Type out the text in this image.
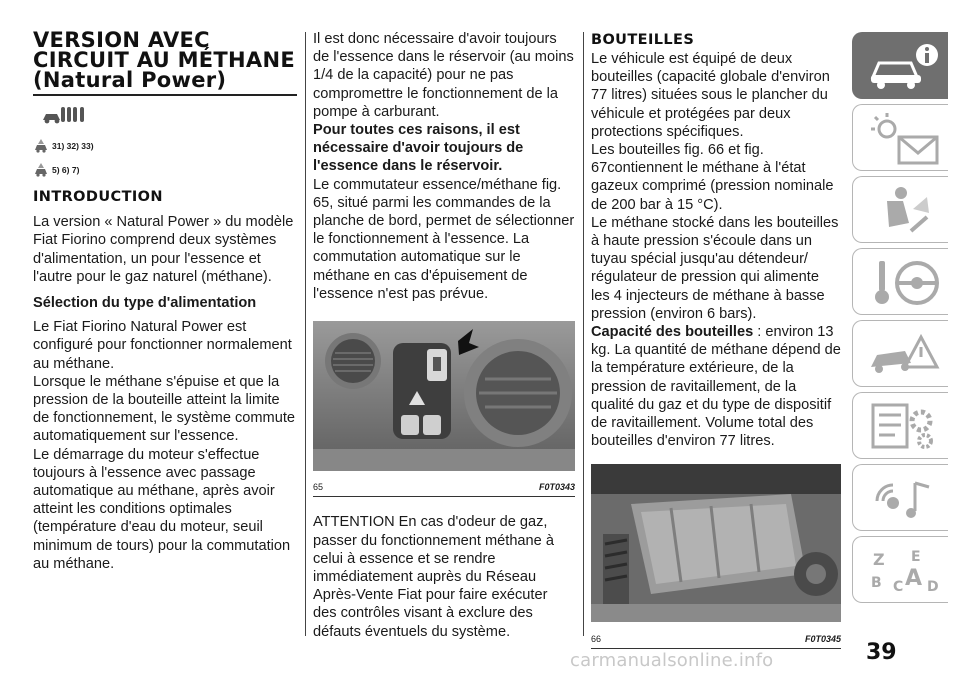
VERSION AVEC CIRCUIT AU MÉTHANE (Natural Power)
31) 32) 33)
5) 6) 7)
INTRODUCTION

La version « Natural Power » du modèle Fiat Fiorino comprend deux systèmes d'alimentation, un pour l'essence et l'autre pour le gaz naturel (méthane).

Sélection du type d'alimentation

Le Fiat Fiorino Natural Power est configuré pour fonctionner normalement au méthane.

Lorsque le méthane s'épuise et que la pression de la bouteille atteint la limite de fonctionnement, le système commute automatiquement sur l'essence.

Le démarrage du moteur s'effectue toujours à l'essence avec passage automatique au méthane, après avoir atteint les conditions optimales (température d'eau du moteur, seuil minimum de tours) pour la commutation au méthane.

Il est donc nécessaire d'avoir toujours de l'essence dans le réservoir (au moins 1/4 de la capacité) pour ne pas compromettre le fonctionnement de la pompe à carburant.

Pour toutes ces raisons, il est nécessaire d'avoir toujours de l'essence dans le réservoir.

Le commutateur essence/méthane fig. 65, situé parmi les commandes de la planche de bord, permet de sélectionner le fonctionnement à l'essence. La commutation automatique sur le méthane en cas d'épuisement de l'essence n'est pas prévue.

65	F0T0343

ATTENTION En cas d'odeur de gaz, passer du fonctionnement méthane à celui à essence et se rendre immédiatement auprès du Réseau Après-Vente Fiat pour faire exécuter des contrôles visant à exclure des défauts éventuels du système.

BOUTEILLES

Le véhicule est équipé de deux bouteilles (capacité globale d'environ 77 litres) situées sous le plancher du véhicule et protégées par deux protections spécifiques.

Les bouteilles fig. 66 et fig. 67contiennent le méthane à l'état gazeux comprimé (pression nominale de 200 bar à 15 °C).

Le méthane stocké dans les bouteilles à haute pression s'écoule dans un tuyau spécial jusqu'au détendeur/ régulateur de pression qui alimente les 4 injecteurs de méthane à basse pression (environ 6 bars).

Capacité des bouteilles : environ 13 kg. La quantité de méthane dépend de la température extérieure, de la pression de ravitaillement, de la qualité du gaz et du type de dispositif de ravitaillement. Volume total des bouteilles d'environ 77 litres.

66	F0T0345
Z E
B C A D
39
carmanualsonline.info
